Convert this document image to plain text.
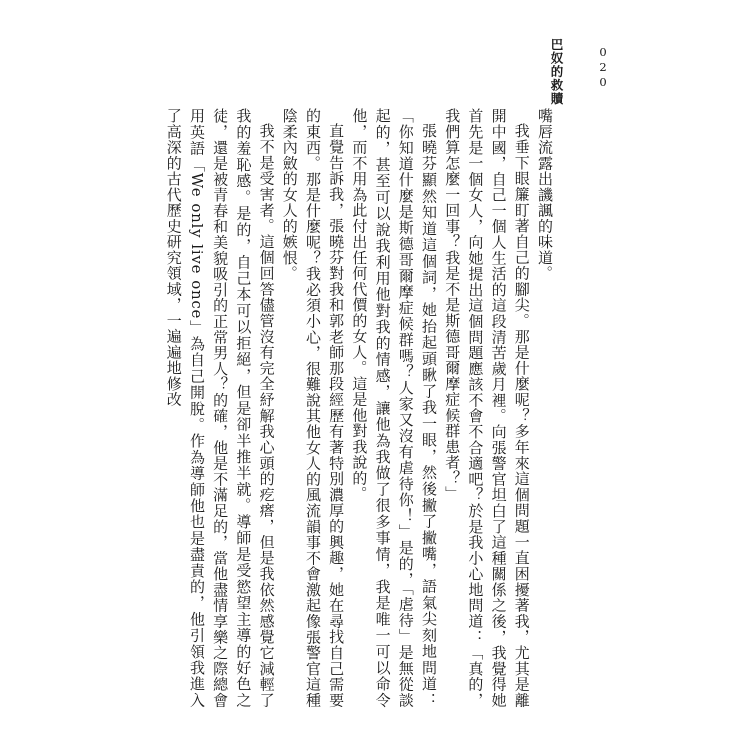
巴奴的救贖	020

嘴唇流露出譏諷的味道。

我垂下眼簾盯著自己的腳尖。那是什麼呢？多年來這個問題一直困擾著我，尤其是離開中國，自己一個人生活的這段清苦歲月裡。向張警官坦白了這種關係之後，我覺得她首先是一個女人，向她提出這個問題應該不會不合適吧？於是我小心地問道：「真的，我們算怎麼一回事？我是不是斯德哥爾摩症候群患者？」

張曉芬顯然知道這個詞，她抬起頭瞅了我一眼，然後撇了撇嘴，語氣尖刻地問道：「你知道什麼是斯德哥爾摩症候群嗎？人家又沒有虐待你！」是的，「虐待」是無從談起的，甚至可以說我利用他對我的情感，讓他為我做了很多事情，我是唯一可以命令他，而不用為此付出任何代價的女人。這是他對我說的。

直覺告訴我，張曉芬對我和郭老師那段經歷有著特別濃厚的興趣，她在尋找自己需要的東西。那是什麼呢？我必須小心，很難說其他女人的風流韻事不會激起像張警官這種陰柔內斂的女人的嫉恨。

我不是受害者。這個回答儘管沒有完全紓解我心頭的疙瘩，但是我依然感覺它減輕了我的羞恥感。是的，自己本可以拒絕，但是卻半推半就。導師是受慾望主導的好色之徒，還是被青春和美貌吸引的正常男人？的確，他是不滿足的，當他盡情享樂之際總會用英語「We only live once」為自己開脫。作為導師他也是盡責的，他引領我進入了高深的古代歷史研究領域，一遍遍地修改
